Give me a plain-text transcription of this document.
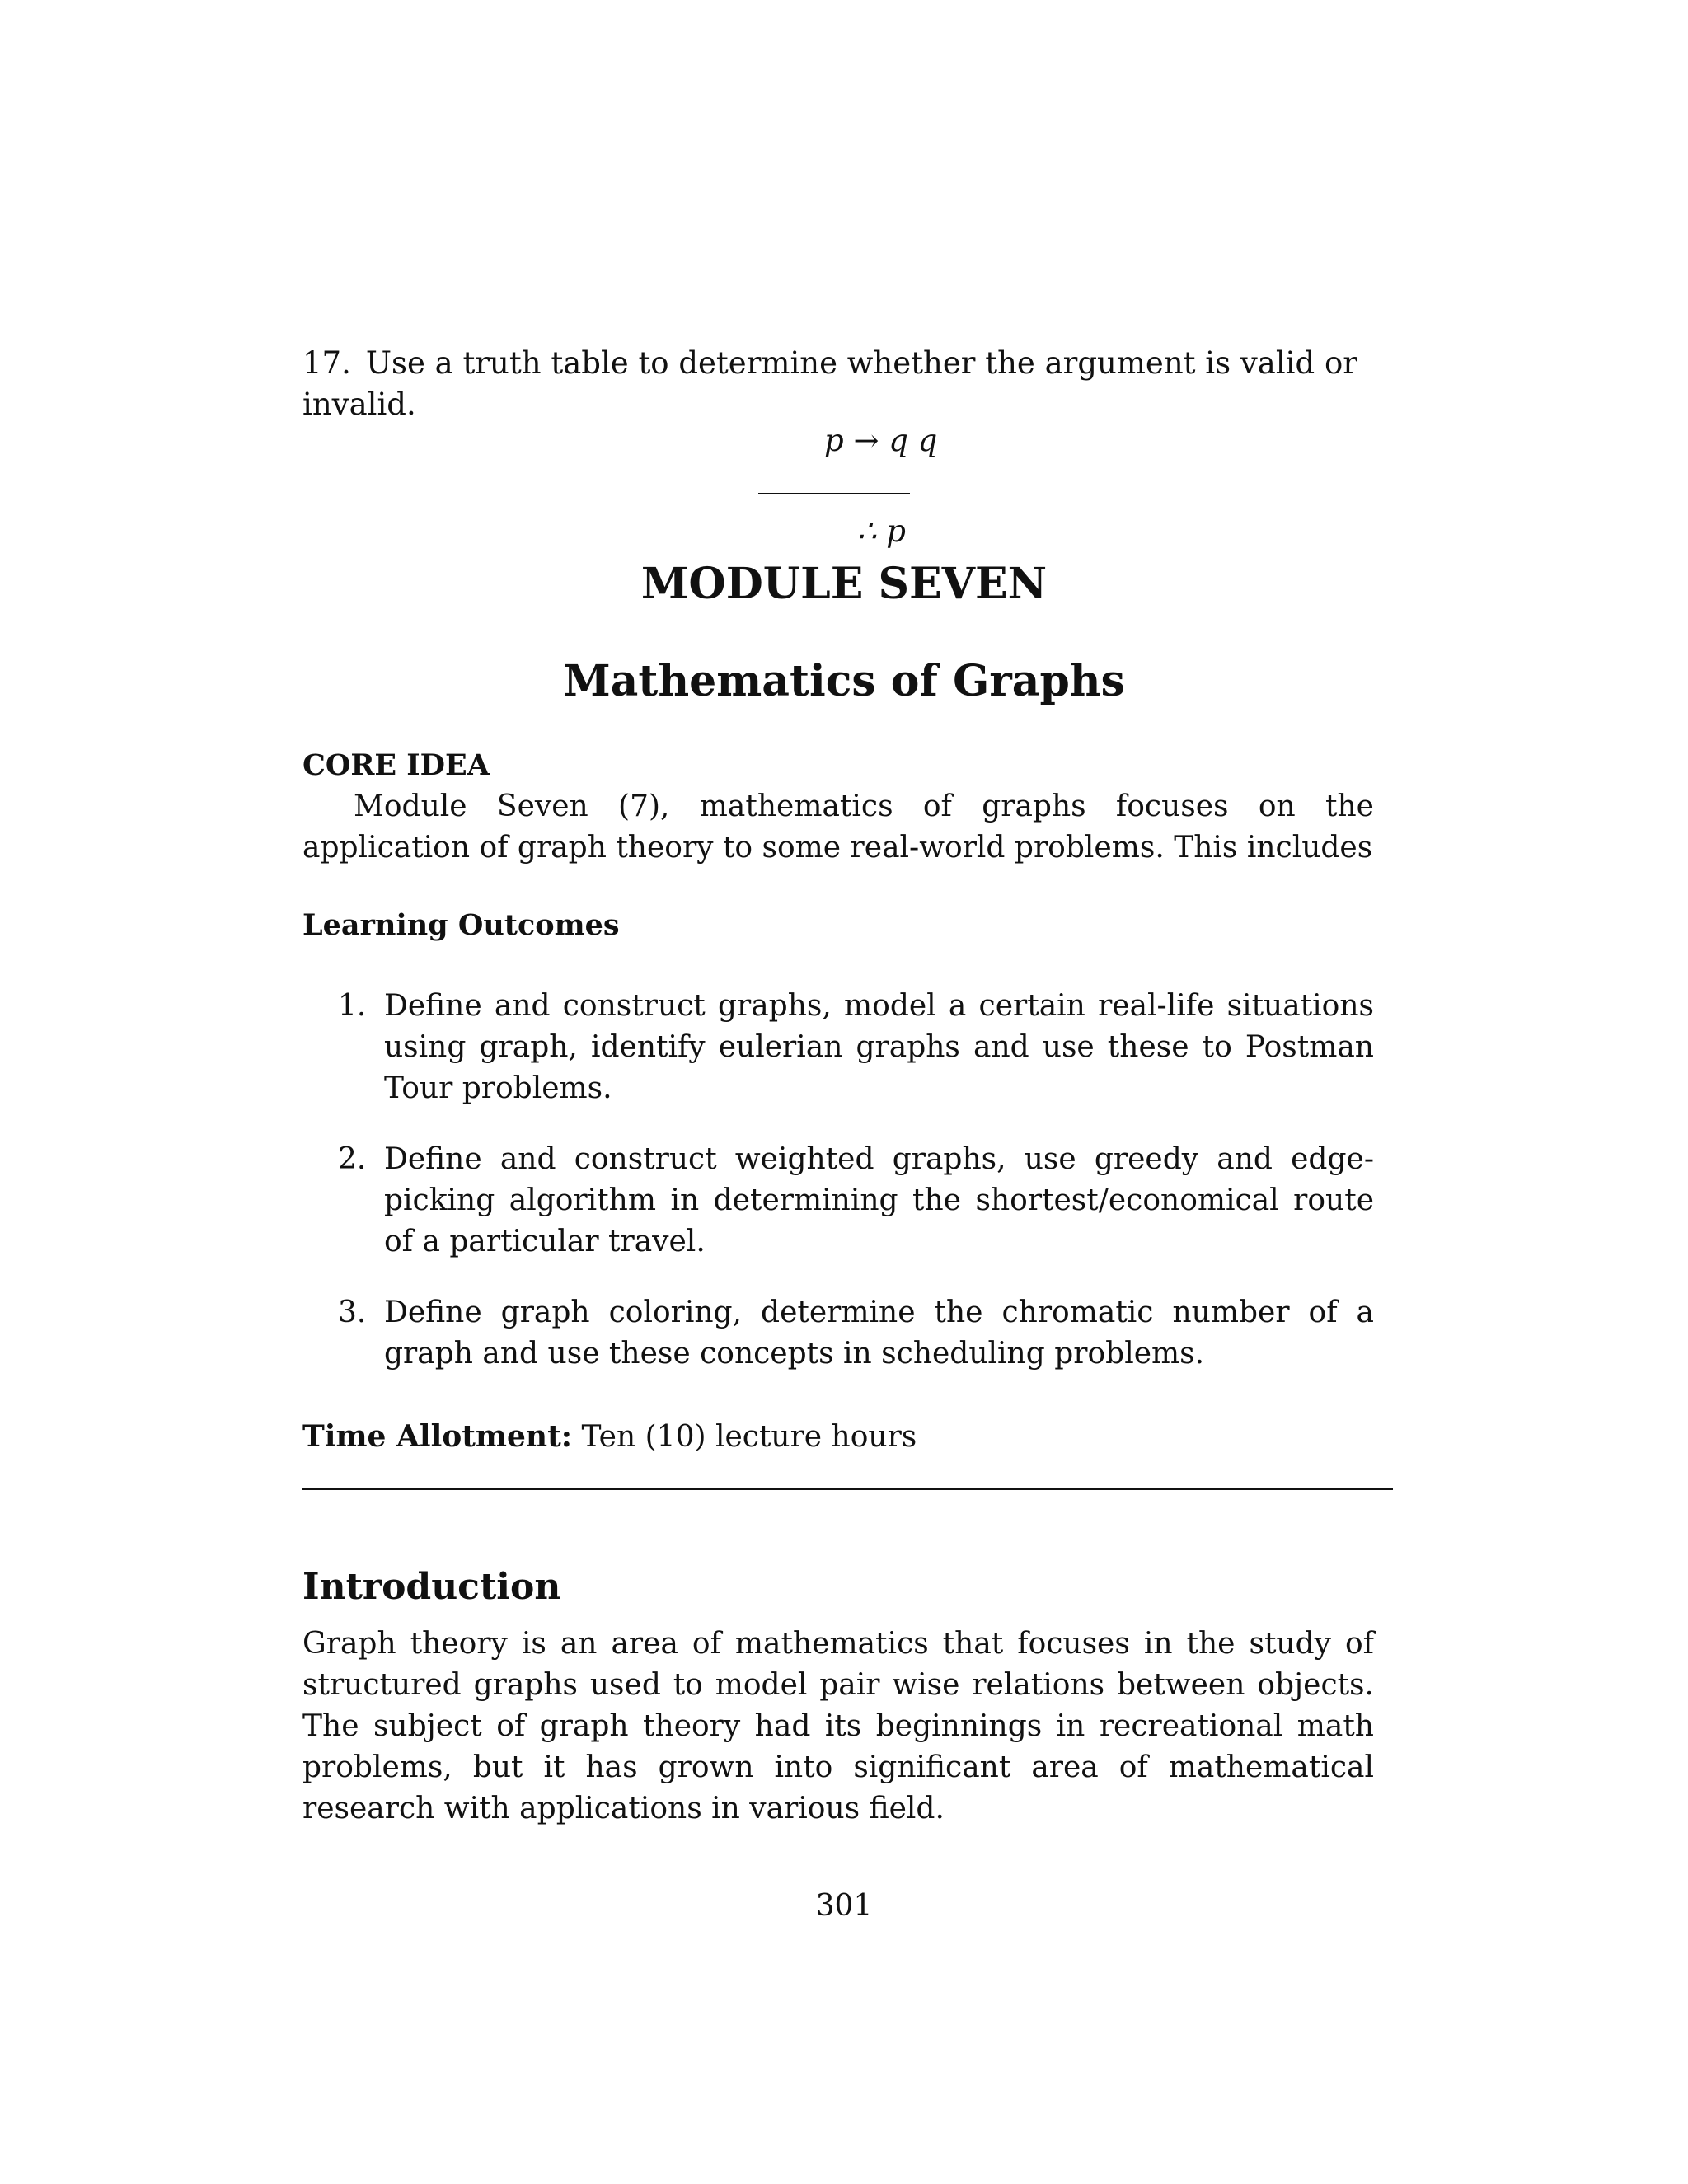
17. Use a truth table to determine whether the argument is valid or invalid.
p → q q
∴ p
MODULE SEVEN
Mathematics of Graphs
CORE IDEA
Module Seven (7), mathematics of graphs focuses on the application of graph theory to some real-world problems. This includes
Learning Outcomes
1. Define and construct graphs, model a certain real-life situations using graph, identify eulerian graphs and use these to Postman Tour problems.
2. Define and construct weighted graphs, use greedy and edge-picking algorithm in determining the shortest/economical route of a particular travel.
3. Define graph coloring, determine the chromatic number of a graph and use these concepts in scheduling problems.
Time Allotment: Ten (10) lecture hours
Introduction
Graph theory is an area of mathematics that focuses in the study of structured graphs used to model pair wise relations between objects. The subject of graph theory had its beginnings in recreational math problems, but it has grown into significant area of mathematical research with applications in various field.
301
